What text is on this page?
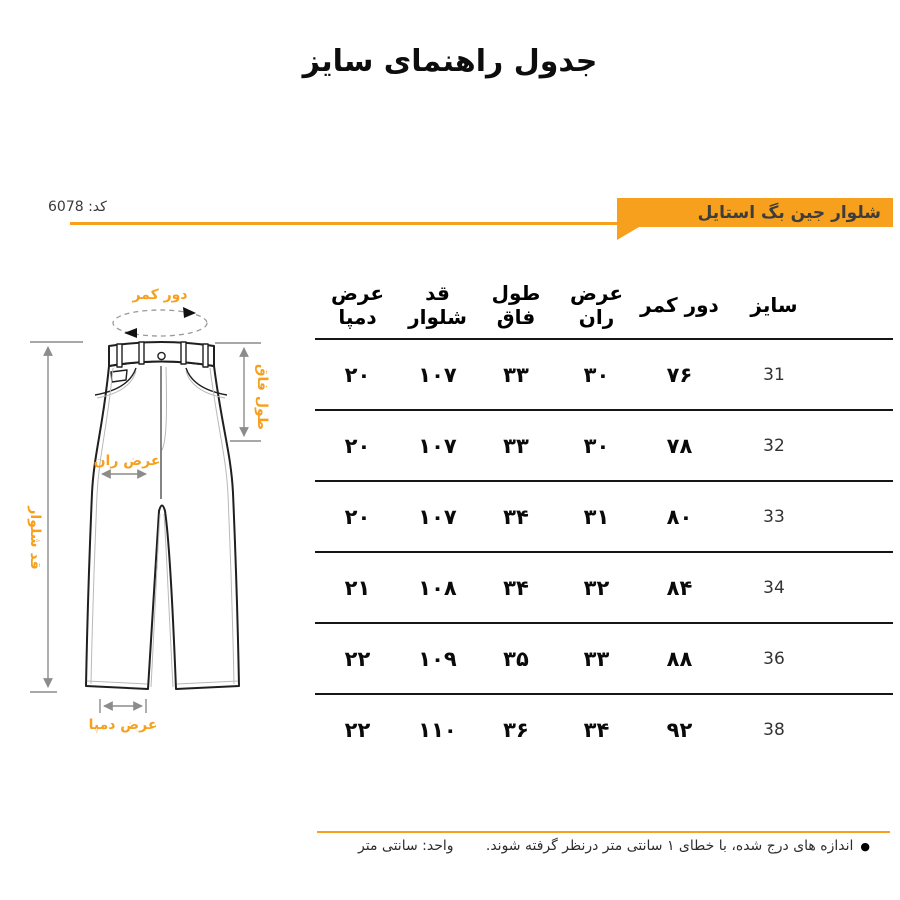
جدول راهنمای سایز
کد: 6078	شلوار جین بگ استایل
دور کمر
قد شلوار
طول فاق
عرض ران
عرض دمپا
سایز
دور کمر
عرض ران
طول فاق
قد شلوار
عرض دمپا
31
۷۶
۳۰
۳۳
۱۰۷
۲۰
32
۷۸
۳۰
۳۳
۱۰۷
۲۰
33
۸۰
۳۱
۳۴
۱۰۷
۲۰
34
۸۴
۳۲
۳۴
۱۰۸
۲۱
36
۸۸
۳۳
۳۵
۱۰۹
۲۲
38
۹۲
۳۴
۳۶
۱۱۰
۲۲
●اندازه های درج شده، با خطای ۱ سانتی متر درنظر گرفته شوند.
واحد: سانتی متر
